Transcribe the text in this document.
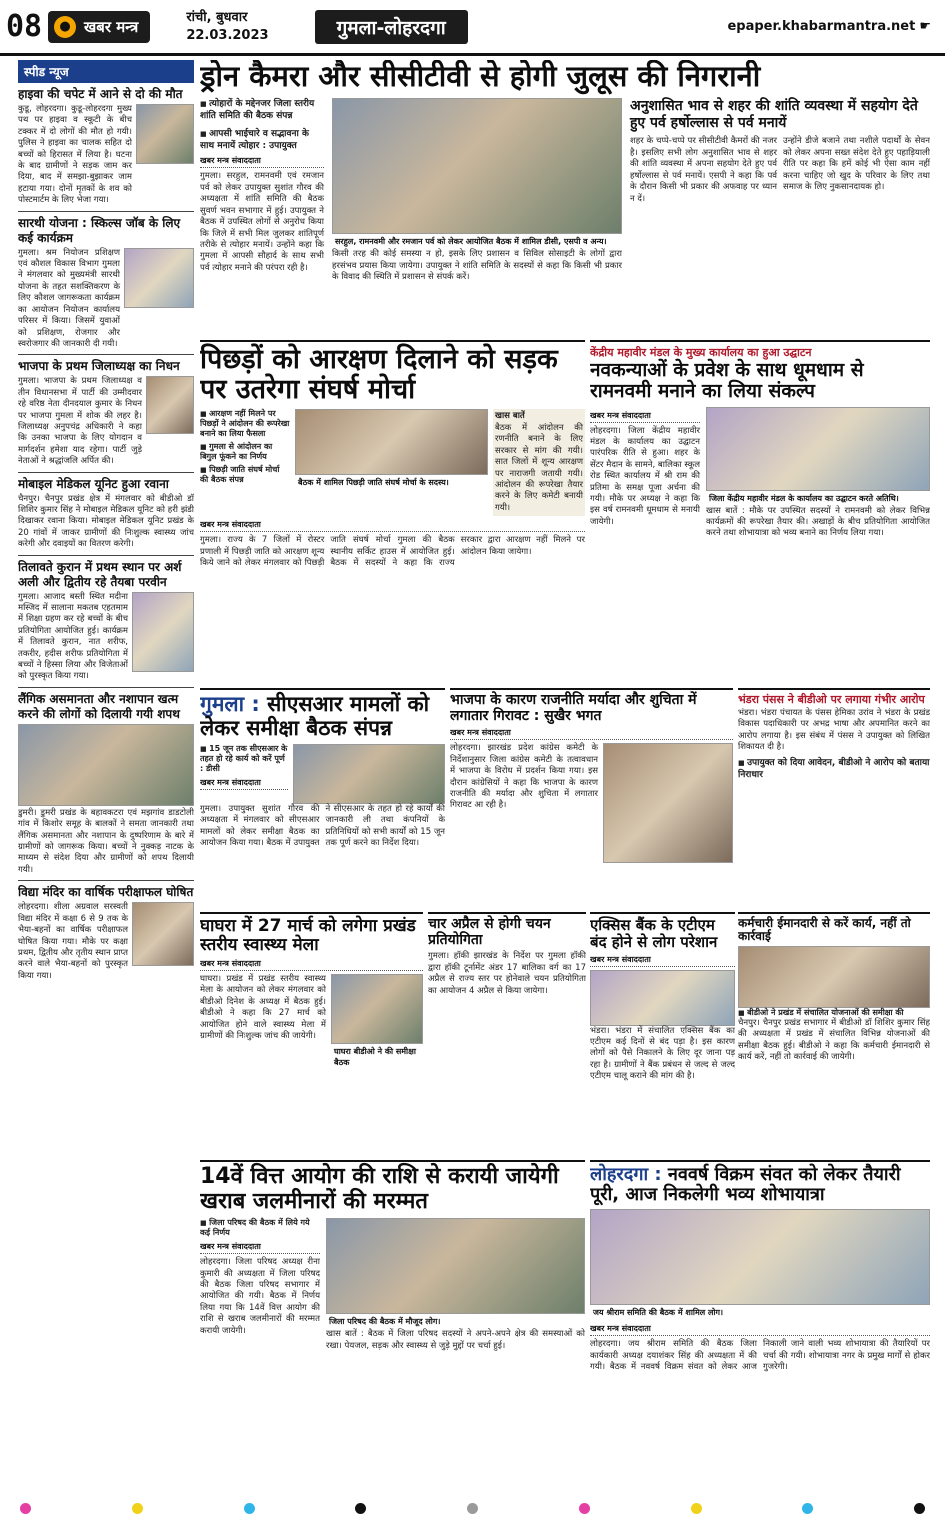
08	● खबर मन्त्र
रांची, बुधवार
22.03.2023	गुमला-लोहरदगा	epaper.khabarmantra.net ☛
स्पीड न्यूज
हाइवा की चपेट में आने से दो की मौत
कुडू, लोहरदगा। कुडू-लोहरदगा मुख्य पथ पर हाइवा व स्कूटी के बीच टक्कर में दो लोगों की मौत हो गयी। पुलिस ने हाइवा का चालक सहित दो बच्चों को हिरासत में लिया है। घटना के बाद ग्रामीणों ने सड़क जाम कर दिया, बाद में समझा-बुझाकर जाम हटाया गया। दोनों मृतकों के शव को पोस्टमार्टम के लिए भेजा गया।
सारथी योजना : स्किल्स जॉब के लिए कई कार्यक्रम
गुमला। श्रम नियोजन प्रशिक्षण एवं कौशल विकास विभाग गुमला ने मंगलवार को मुख्यमंत्री सारथी योजना के तहत सशक्तिकरण के लिए कौशल जागरूकता कार्यक्रम का आयोजन नियोजन कार्यालय परिसर में किया। जिसमें युवाओं को प्रशिक्षण, रोजगार और स्वरोजगार की जानकारी दी गयी।
भाजपा के प्रथम जिलाध्यक्ष का निधन
गुमला। भाजपा के प्रथम जिलाध्यक्ष व तीन विधानसभा में पार्टी की उम्मीदवार रहे वरिष्ठ नेता दीनदयाल कुमार के निधन पर भाजपा गुमला में शोक की लहर है। जिलाध्यक्ष अनुपचंद्र अधिकारी ने कहा कि उनका भाजपा के लिए योगदान व मार्गदर्शन हमेशा याद रहेगा। पार्टी जुड़े नेताओं ने श्रद्धांजलि अर्पित की।
मोबाइल मेडिकल यूनिट हुआ रवाना
चैनपुर। चैनपुर प्रखंड क्षेत्र में मंगलवार को बीडीओ डॉ शिशिर कुमार सिंह ने मोबाइल मेडिकल यूनिट को हरी झंडी दिखाकर रवाना किया। मोबाइल मेडिकल यूनिट प्रखंड के 20 गांवों में जाकर ग्रामीणों की निःशुल्क स्वास्थ्य जांच करेगी और दवाइयों का वितरण करेगी।
तिलावते कुरान में प्रथम स्थान पर अर्श अली और द्वितीय रहे तैयबा परवीन
गुमला। आजाद बस्ती स्थित मदीना मस्जिद में सालाना मकतब एहतमाम में शिक्षा ग्रहण कर रहे बच्चों के बीच प्रतियोगिता आयोजित हुई। कार्यक्रम में तिलावते कुरान, नात शरीफ, तकरीर, हदीस शरीफ प्रतियोगिता में बच्चों ने हिस्सा लिया और विजेताओं को पुरस्कृत किया गया।
लैंगिक असमानता और नशापान खत्म करने की लोगों को दिलायी गयी शपथ
डुमरी। डुमरी प्रखंड के बहावकटरा एवं मझगांव डाडटोली गांव में किशोर समूह के बालकों ने समता जानकारी तथा लैंगिक असमानता और नशापान के दुष्परिणाम के बारे में ग्रामीणों को जागरूक किया। बच्चों ने नुक्कड़ नाटक के माध्यम से संदेश दिया और ग्रामीणों को शपथ दिलायी गयी।
विद्या मंदिर का वार्षिक परीक्षाफल घोषित
लोहरदगा। शीला अग्रवाल सरस्वती विद्या मंदिर में कक्षा 6 से 9 तक के भैया-बहनों का वार्षिक परीक्षाफल घोषित किया गया। मौके पर कक्षा प्रथम, द्वितीय और तृतीय स्थान प्राप्त करने वाले भैया-बहनों को पुरस्कृत किया गया।
ड्रोन कैमरा और सीसीटीवी से होगी जुलूस की निगरानी
■ त्योहारों के मद्देनजर जिला स्तरीय शांति समिति की बैठक संपन्न
■ आपसी भाईचारे व सद्भावना के साथ मनायें त्योहार : उपायुक्त
खबर मन्त्र संवाददाता
गुमला। सरहुल, रामनवमी एवं रमजान पर्व को लेकर उपायुक्त सुशांत गौरव की अध्यक्षता में शांति समिति की बैठक सुवर्ण भवन सभागार में हुई। उपायुक्त ने बैठक में उपस्थित लोगों से अनुरोध किया कि जिले में सभी मिल जुलकर शांतिपूर्ण तरीके से त्योहार मनायें। उन्होंने कहा कि गुमला में आपसी सौहार्द के साथ सभी पर्व त्योहार मनाने की परंपरा रही है।
सरहुल, रामनवमी और रमजान पर्व को लेकर आयोजित बैठक में शामिल डीसी, एसपी व अन्य।
किसी तरह की कोई समस्या न हो, इसके लिए प्रशासन व सिविल सोसाइटी के लोगों द्वारा हरसंभव प्रयास किया जायेगा। उपायुक्त ने शांति समिति के सदस्यों से कहा कि किसी भी प्रकार के विवाद की स्थिति में प्रशासन से संपर्क करें।
अनुशासित भाव से शहर की शांति व्यवस्था में सहयोग देते हुए पर्व हर्षोल्लास से पर्व मनायें
शहर के चप्पे-चप्पे पर सीसीटीवी कैमरों की नजर है। इसलिए सभी लोग अनुशासित भाव से शहर की शांति व्यवस्था में अपना सहयोग देते हुए पर्व हर्षोल्लास से पर्व मनायें। एसपी ने कहा कि पर्व के दौरान किसी भी प्रकार की अफवाह पर ध्यान न दें।
उन्होंने डीजे बजाने तथा नशीले पदार्थों के सेवन को लेकर अपना सख्त संदेश देते हुए पहाड़ियाली रीति पर कहा कि हमें कोई भी ऐसा काम नहीं करना चाहिए जो खुद के परिवार के लिए तथा समाज के लिए नुकसानदायक हो।
पिछड़ों को आरक्षण दिलाने को सड़क पर उतरेगा संघर्ष मोर्चा
■ आरक्षण नहीं मिलने पर पिछड़ों ने आंदोलन की रूपरेखा बनाने का लिया फैसला
■ गुमला से आंदोलन का बिगुल फूंकने का निर्णय
■ पिछड़ी जाति संघर्ष मोर्चा की बैठक संपन्न	बैठक में शामिल पिछड़ी जाति संघर्ष मोर्चा के सदस्य।
खास बातें
बैठक में आंदोलन की रणनीति बनाने के लिए सरकार से मांग की गयी। सात जिलों में शून्य आरक्षण पर नाराजगी जतायी गयी। आंदोलन की रूपरेखा तैयार करने के लिए कमेटी बनायी गयी।
खबर मन्त्र संवाददाता
गुमला। राज्य के 7 जिलों में रोस्टर प्रणाली में पिछड़ी जाति को आरक्षण शून्य किये जाने को लेकर मंगलवार को पिछड़ी जाति संघर्ष मोर्चा गुमला की बैठक स्थानीय सर्किट हाउस में आयोजित हुई। बैठक में सदस्यों ने कहा कि राज्य सरकार द्वारा आरक्षण नहीं मिलने पर आंदोलन किया जायेगा।
केंद्रीय महावीर मंडल के मुख्य कार्यालय का हुआ उद्घाटन
नवकन्याओं के प्रवेश के साथ धूमधाम से रामनवमी मनाने का लिया संकल्प
खबर मन्त्र संवाददाता
लोहरदगा। जिला केंद्रीय महावीर मंडल के कार्यालय का उद्घाटन पारंपरिक रीति से हुआ। शहर के सेंटर मैदान के सामने, बालिका स्कूल रोड स्थित कार्यालय में श्री राम की प्रतिमा के समक्ष पूजा अर्चना की गयी। मौके पर अध्यक्ष ने कहा कि इस वर्ष रामनवमी धूमधाम से मनायी जायेगी।
जिला केंद्रीय महावीर मंडल के कार्यालय का उद्घाटन करते अतिथि।
खास बातें : मौके पर उपस्थित सदस्यों ने रामनवमी को लेकर विभिन्न कार्यक्रमों की रूपरेखा तैयार की। अखाड़ों के बीच प्रतियोगिता आयोजित करने तथा शोभायात्रा को भव्य बनाने का निर्णय लिया गया।
गुमला : सीएसआर मामलों को लेकर समीक्षा बैठक संपन्न
■ 15 जून तक सीएसआर के तहत हो रहे कार्य को करें पूर्ण : डीसी
खबर मन्त्र संवाददाता
गुमला। उपायुक्त सुशांत गौरव की अध्यक्षता में मंगलवार को सीएसआर मामलों को लेकर समीक्षा बैठक का आयोजन किया गया। बैठक में उपायुक्त ने सीएसआर के तहत हो रहे कार्यों की जानकारी ली तथा कंपनियों के प्रतिनिधियों को सभी कार्यों को 15 जून तक पूर्ण करने का निर्देश दिया।
भाजपा के कारण राजनीति मर्यादा और शुचिता में लगातार गिरावट : सुखैर भगत
खबर मन्त्र संवाददाता
लोहरदगा। झारखंड प्रदेश कांग्रेस कमेटी के निर्देशानुसार जिला कांग्रेस कमेटी के तत्वावधान में भाजपा के विरोध में प्रदर्शन किया गया। इस दौरान कांग्रेसियों ने कहा कि भाजपा के कारण राजनीति की मर्यादा और शुचिता में लगातार गिरावट आ रही है।
भंडरा पंसस ने बीडीओ पर लगाया गंभीर आरोप
भंडरा। भंडरा पंचायत के पंसस हेमिका उरांव ने भंडरा के प्रखंड विकास पदाधिकारी पर अभद्र भाषा और अपमानित करने का आरोप लगाया है। इस संबंध में पंसस ने उपायुक्त को लिखित शिकायत दी है।
■ उपायुक्त को दिया आवेदन, बीडीओ ने आरोप को बताया निराधार
घाघरा में 27 मार्च को लगेगा प्रखंड स्तरीय स्वास्थ्य मेला
खबर मन्त्र संवाददाता
घाघरा। प्रखंड में प्रखंड स्तरीय स्वास्थ्य मेला के आयोजन को लेकर मंगलवार को बीडीओ दिनेश के अध्यक्ष में बैठक हुई। बीडीओ ने कहा कि 27 मार्च को आयोजित होने वाले स्वास्थ्य मेला में ग्रामीणों की निःशुल्क जांच की जायेगी।
घाघरा बीडीओ ने की समीक्षा बैठक
चार अप्रैल से होगी चयन प्रतियोगिता
गुमला। हॉकी झारखंड के निर्देश पर गुमला हॉकी द्वारा हॉकी टूर्नामेंट अंडर 17 बालिका वर्ग का 17 अप्रैल से राज्य स्तर पर होनेवाले चयन प्रतियोगिता का आयोजन 4 अप्रैल से किया जायेगा।
एक्सिस बैंक के एटीएम बंद होने से लोग परेशान
खबर मन्त्र संवाददाता
भंडरा। भंडरा में संचालित एक्सिस बैंक का एटीएम कई दिनों से बंद पड़ा है। इस कारण लोगों को पैसे निकालने के लिए दूर जाना पड़ रहा है। ग्रामीणों ने बैंक प्रबंधन से जल्द से जल्द एटीएम चालू कराने की मांग की है।
कर्मचारी ईमानदारी से करें कार्य, नहीं तो कार्रवाई
■ बीडीओ ने प्रखंड में संचालित योजनाओं की समीक्षा की
चैनपुर। चैनपुर प्रखंड सभागार में बीडीओ डॉ शिशिर कुमार सिंह की अध्यक्षता में प्रखंड में संचालित विभिन्न योजनाओं की समीक्षा बैठक हुई। बीडीओ ने कहा कि कर्मचारी ईमानदारी से कार्य करें, नहीं तो कार्रवाई की जायेगी।
14वें वित्त आयोग की राशि से करायी जायेगी खराब जलमीनारों की मरम्मत
■ जिला परिषद की बैठक में लिये गये कई निर्णय
खबर मन्त्र संवाददाता
लोहरदगा। जिला परिषद अध्यक्ष रीना कुमारी की अध्यक्षता में जिला परिषद की बैठक जिला परिषद सभागार में आयोजित की गयी। बैठक में निर्णय लिया गया कि 14वें वित्त आयोग की राशि से खराब जलमीनारों की मरम्मत करायी जायेगी।
जिला परिषद की बैठक में मौजूद लोग।
खास बातें : बैठक में जिला परिषद सदस्यों ने अपने-अपने क्षेत्र की समस्याओं को रखा। पेयजल, सड़क और स्वास्थ्य से जुड़े मुद्दों पर चर्चा हुई।
लोहरदगा : नववर्ष विक्रम संवत को लेकर तैयारी पूरी, आज निकलेगी भव्य शोभायात्रा
जय श्रीराम समिति की बैठक में शामिल लोग।
खबर मन्त्र संवाददाता
लोहरदगा। जय श्रीराम समिति की बैठक जिला कार्यकारी अध्यक्ष दयाशंकर सिंह की अध्यक्षता में की गयी। बैठक में नववर्ष विक्रम संवत को लेकर आज निकाली जाने वाली भव्य शोभायात्रा की तैयारियों पर चर्चा की गयी। शोभायात्रा नगर के प्रमुख मार्गों से होकर गुजरेगी।
